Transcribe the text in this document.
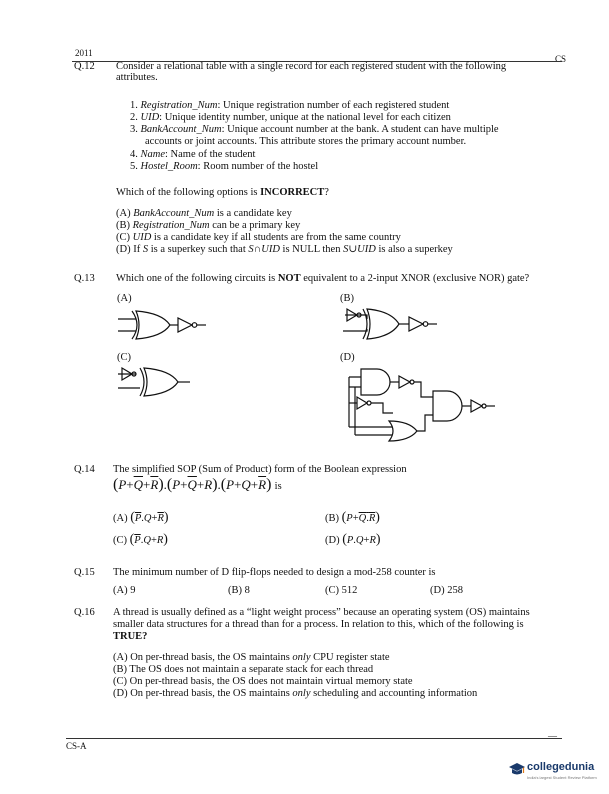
2011
CS
Q.12 Consider a relational table with a single record for each registered student with the following
attributes.
1. Registration_Num: Unique registration number of each registered student
2. UID: Unique identity number, unique at the national level for each citizen
3. BankAccount_Num: Unique account number at the bank. A student can have multiple
accounts or joint accounts. This attribute stores the primary account number.
4. Name: Name of the student
5. Hostel_Room: Room number of the hostel
Which of the following options is INCORRECT?
(A) BankAccount_Num is a candidate key
(B) Registration_Num can be a primary key
(C) UID is a candidate key if all students are from the same country
(D) If S is a superkey such that S∩UID is NULL then S∪UID is also a superkey
Q.13 Which one of the following circuits is NOT equivalent to a 2-input XNOR (exclusive NOR) gate?
(A)	(B)
(C)	(D)
Q.14 The simplified SOP (Sum of Product) form of the Boolean expression
$(P+\overline{Q}+\overline{R}).(P+\overline{Q}+R).(P+Q+\overline{R})$ is
(A) $(\overline{P}.Q+\overline{R})$
(C) $(\overline{P}.Q+R)$
(B) (P+Q.R)
(D) (P.Q+R)
Q.15 The minimum number of D flip-flops needed to design a mod-258 counter is
(A) 9	(B) 8	(C) 512	(D) 258
Q.16 A thread is usually defined as a “light weight process” because an operating system (OS) maintains
smaller data structures for a thread than for a process. In relation to this, which of the following is
TRUE?
(A) On per-thread basis, the OS maintains only CPU register state
(B) The OS does not maintain a separate stack for each thread
(C) On per-thread basis, the OS does not maintain virtual memory state
(D) On per-thread basis, the OS maintains only scheduling and accounting information
CS-A
—
collegedunia
India's largest Student Review Platform
